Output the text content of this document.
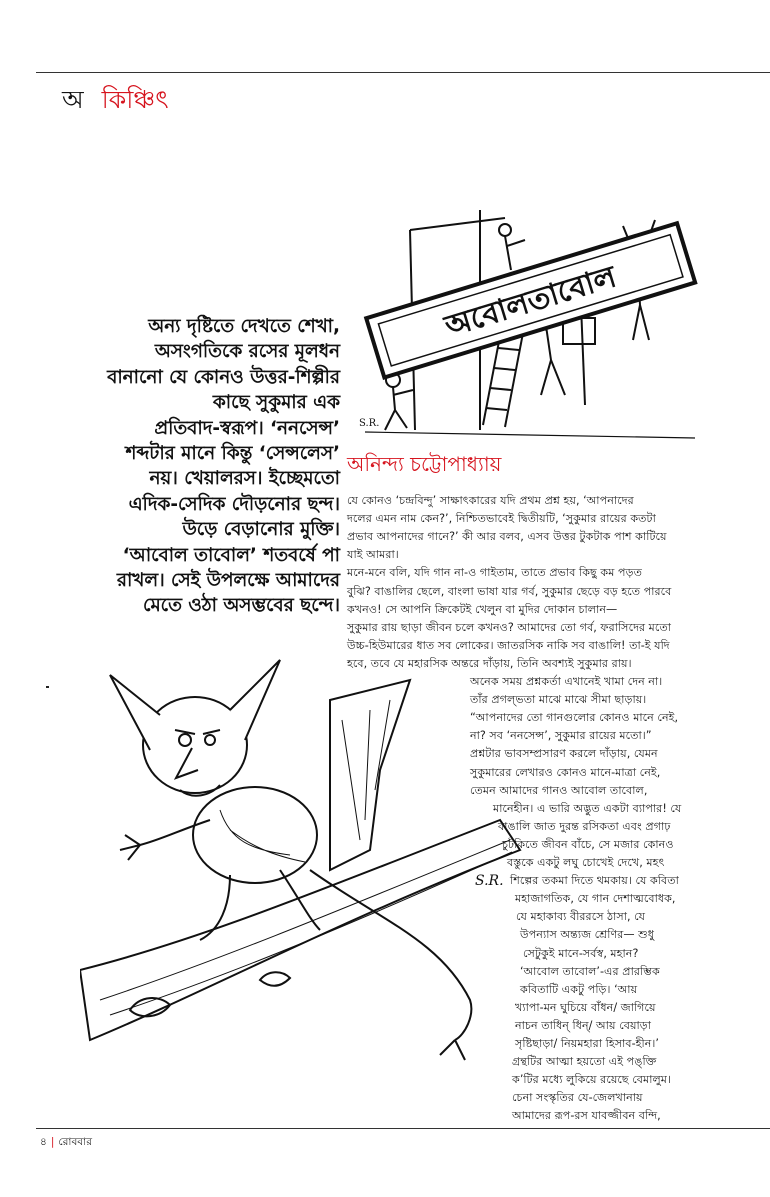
অ কিঞ্চিৎ
অন্য দৃষ্টিতে দেখতে শেখা,
অসংগতিকে রসের মূলধন
বানানো যে কোনও উত্তর-শিল্পীর
কাছে সুকুমার এক
প্রতিবাদ-স্বরূপ। ‘ননসেন্স’
শব্দটার মানে কিন্তু ‘সেন্সলেস’
নয়। খেয়ালরস। ইচ্ছেমতো
এদিক-সেদিক দৌড়নোর ছন্দ।
উড়ে বেড়ানোর মুক্তি।
‘আবোল তাবোল’ শতবর্ষে পা
রাখল। সেই উপলক্ষে আমাদের
মেতে ওঠা অসম্ভবের ছন্দে।
অবোলতাবোল
S.R.
অনিন্দ্য চট্টোপাধ্যায়
S.R.
যে কোনও ‘চন্দ্রবিন্দু’ সাক্ষাৎকারের যদি প্রথম প্রশ্ন হয়, ‘আপনাদের
দলের এমন নাম কেন?’, নিশ্চিতভাবেই দ্বিতীয়টি, ‘সুকুমার রায়ের কতটা
প্রভাব আপনাদের গানে?’ কী আর বলব, এসব উত্তর টুকটাক পাশ কাটিয়ে
যাই আমরা।
মনে-মনে বলি, যদি গান না-ও গাইতাম, তাতে প্রভাব কিছু কম পড়ত
বুঝি? বাঙালির ছেলে, বাংলা ভাষা যার গর্ব, সুকুমার ছেড়ে বড় হতে পারবে
কখনও! সে আপনি ক্রিকেটই খেলুন বা মুদির দোকান চালান—
সুকুমার রায় ছাড়া জীবন চলে কখনও? আমাদের তো গর্ব, ফরাসিদের মতো
উচ্চ-হিউমারের ধাত সব লোকের। জাতরসিক নাকি সব বাঙালি! তা-ই যদি
হবে, তবে যে মহারসিক অন্তরে দাঁড়ায়, তিনি অবশ্যই সুকুমার রায়।
অনেক সময় প্রশ্নকর্তা এখানেই খামা দেন না।
তাঁর প্রগল্ভতা মাঝে মাঝে সীমা ছাড়ায়।
“আপনাদের তো গানগুলোর কোনও মানে নেই,
না? সব ‘ননসেন্স’, সুকুমার রায়ের মতো।”
প্রশ্নটার ভাবসম্প্রসারণ করলে দাঁড়ায়, যেমন
সুকুমারের লেখারও কোনও মানে-মাত্রা নেই,
তেমন আমাদের গানও আবোল তাবোল,
মানেহীন। এ ভারি অদ্ভুত একটা ব্যাপার! যে
বাঙালি জাত দুরন্ত রসিকতা এবং প্রগাঢ়
চুটকিতে জীবন বাঁচে, সে মজার কোনও
বস্তুকে একটু লঘু চোখেই দেখে, মহৎ
শিল্পের তকমা দিতে থমকায়। যে কবিতা
মহাজাগতিক, যে গান দেশাত্মবোধক,
যে মহাকাব্য বীররসে ঠাসা, যে
উপন্যাস অন্ত্যজ শ্রেণির— শুধু
সেটুকুই মানে-সর্বস্ব, মহান?
‘আবোল তাবোল’-এর প্রারম্ভিক
কবিতাটি একটু পড়ি। ‘আয়
খ্যাপা-মন ঘুচিয়ে বাঁধন/ জাগিয়ে
নাচন তাধিন্ ধিন্/ আয় বেয়াড়া
সৃষ্টিছাড়া/ নিয়মহারা হিসাব-হীন।’
গ্রন্থটির আত্মা হয়তো এই পঙ্‌ক্তি
ক’টির মধ্যে লুকিয়ে রয়েছে বেমালুম।
চেনা সংস্কৃতির যে-জেলখানায়
আমাদের রূপ-রস যাবজ্জীবন বন্দি,
৪ | রোববার
